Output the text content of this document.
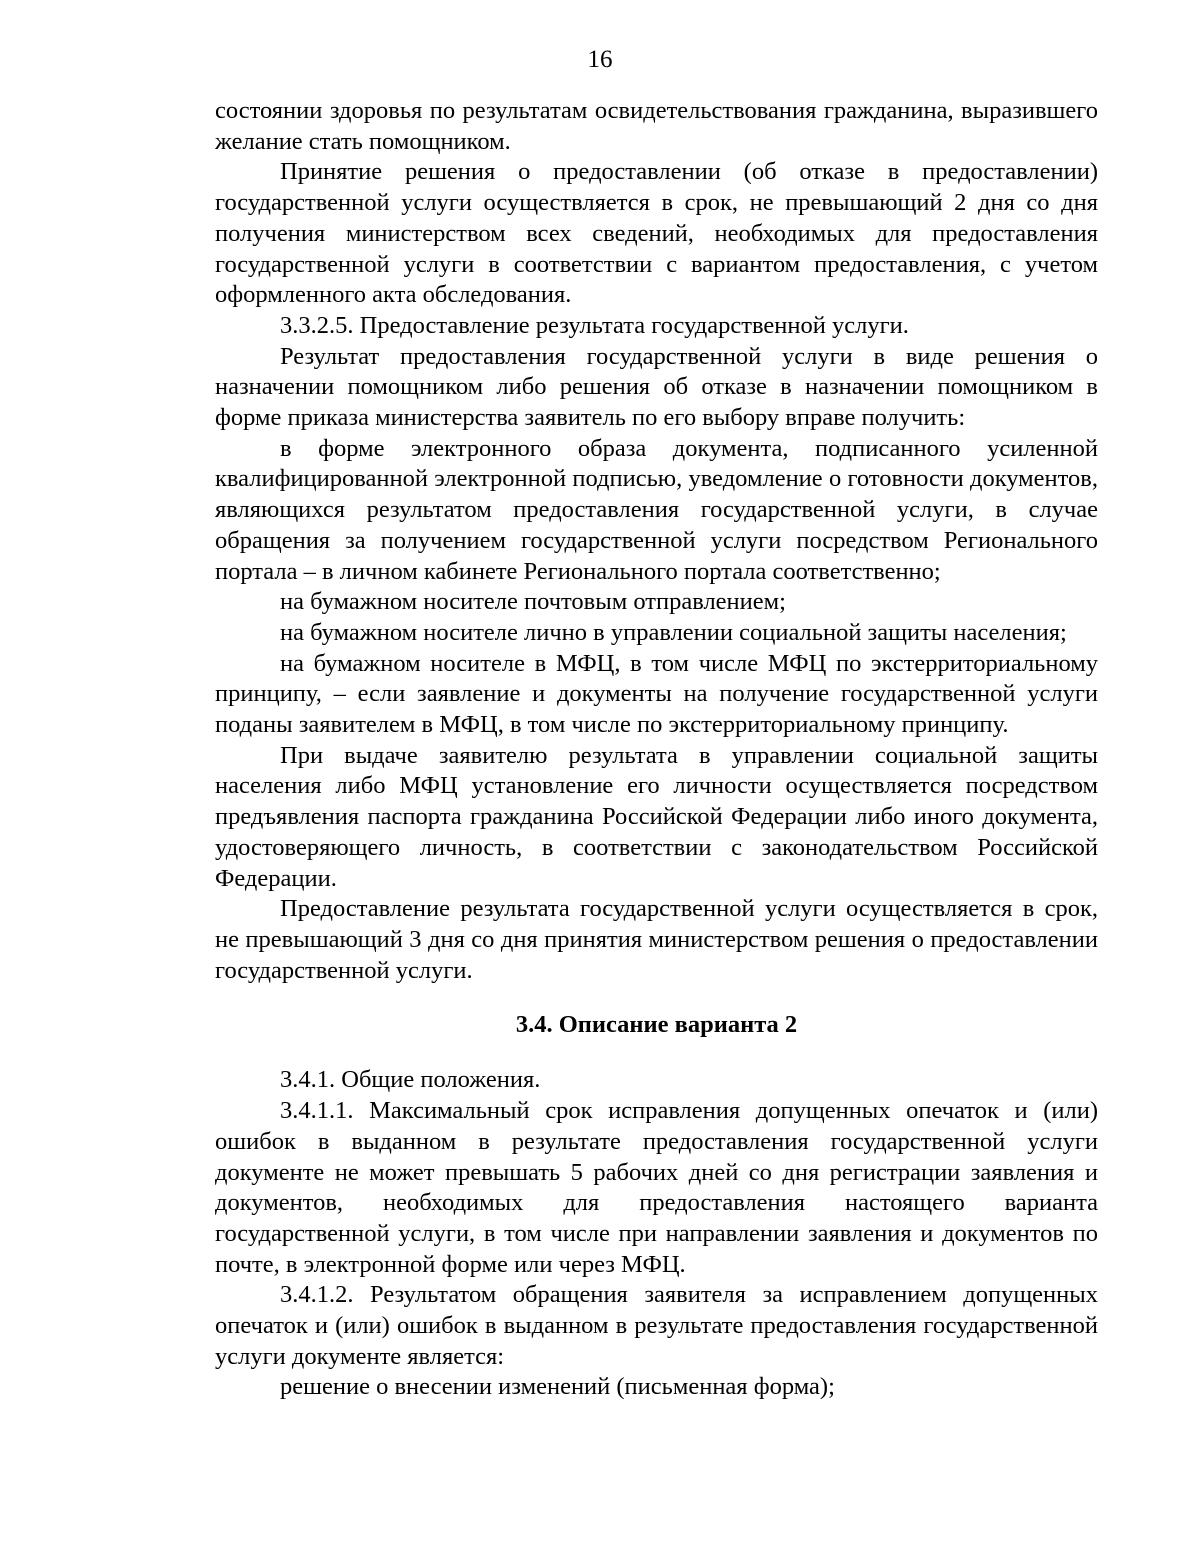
16

состоянии здоровья по результатам освидетельствования гражданина, выразившего желание стать помощником.

Принятие решения о предоставлении (об отказе в предоставлении) государственной услуги осуществляется в срок, не превышающий 2 дня со дня получения министерством всех сведений, необходимых для предоставления государственной услуги в соответствии с вариантом предоставления, с учетом оформленного акта обследования.

3.3.2.5. Предоставление результата государственной услуги.

Результат предоставления государственной услуги в виде решения о назначении помощником либо решения об отказе в назначении помощником в форме приказа министерства заявитель по его выбору вправе получить:

в форме электронного образа документа, подписанного усиленной квалифицированной электронной подписью, уведомление о готовности документов, являющихся результатом предоставления государственной услуги, в случае обращения за получением государственной услуги посредством Регионального портала – в личном кабинете Регионального портала соответственно;

на бумажном носителе почтовым отправлением;

на бумажном носителе лично в управлении социальной защиты населения;

на бумажном носителе в МФЦ, в том числе МФЦ по экстерриториальному принципу, – если заявление и документы на получение государственной услуги поданы заявителем в МФЦ, в том числе по экстерриториальному принципу.

При выдаче заявителю результата в управлении социальной защиты населения либо МФЦ установление его личности осуществляется посредством предъявления паспорта гражданина Российской Федерации либо иного документа, удостоверяющего личность, в соответствии с законодательством Российской Федерации.

Предоставление результата государственной услуги осуществляется в срок, не превышающий 3 дня со дня принятия министерством решения о предоставлении государственной услуги.

3.4. Описание варианта 2

3.4.1. Общие положения.

3.4.1.1. Максимальный срок исправления допущенных опечаток и (или) ошибок в выданном в результате предоставления государственной услуги документе не может превышать 5 рабочих дней со дня регистрации заявления и документов, необходимых для предоставления настоящего варианта государственной услуги, в том числе при направлении заявления и документов по почте, в электронной форме или через МФЦ.

3.4.1.2. Результатом обращения заявителя за исправлением допущенных опечаток и (или) ошибок в выданном в результате предоставления государственной услуги документе является:

решение о внесении изменений (письменная форма);
